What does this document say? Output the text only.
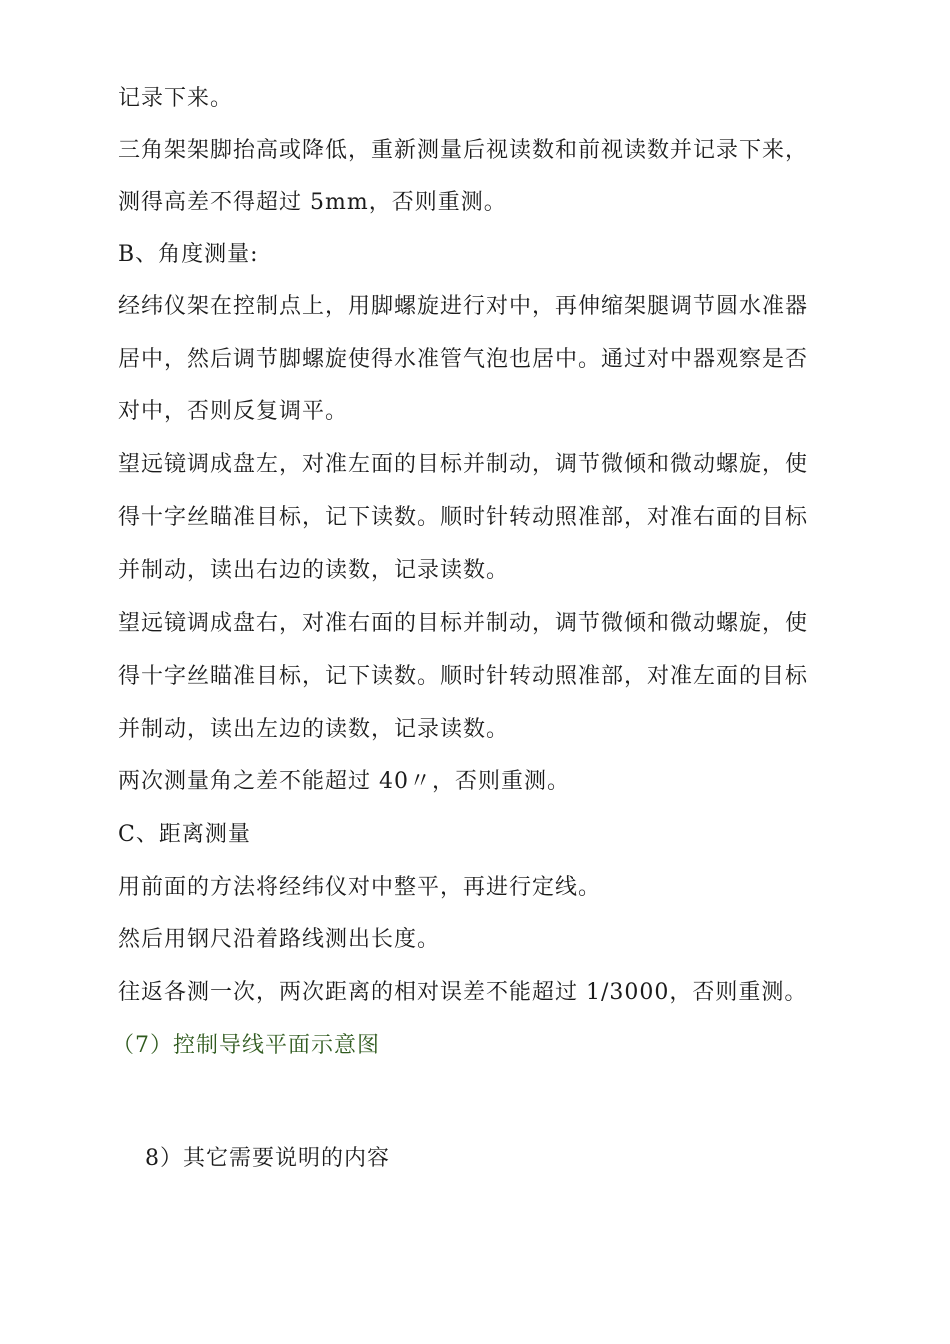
记录下来。
三角架架脚抬高或降低，重新测量后视读数和前视读数并记录下来，
测得高差不得超过 5mm，否则重测。
B、角度测量:
经纬仪架在控制点上，用脚螺旋进行对中，再伸缩架腿调节圆水准器
居中，然后调节脚螺旋使得水准管气泡也居中。通过对中器观察是否
对中，否则反复调平。
望远镜调成盘左，对准左面的目标并制动，调节微倾和微动螺旋，使
得十字丝瞄准目标，记下读数。顺时针转动照准部，对准右面的目标
并制动，读出右边的读数，记录读数。
望远镜调成盘右，对准右面的目标并制动，调节微倾和微动螺旋，使
得十字丝瞄准目标，记下读数。顺时针转动照准部，对准左面的目标
并制动，读出左边的读数，记录读数。
两次测量角之差不能超过 40〃，否则重测。
C、距离测量
用前面的方法将经纬仪对中整平，再进行定线。
然后用钢尺沿着路线测出长度。
往返各测一次，两次距离的相对误差不能超过 1/3000，否则重测。
（7）控制导线平面示意图
8）其它需要说明的内容
